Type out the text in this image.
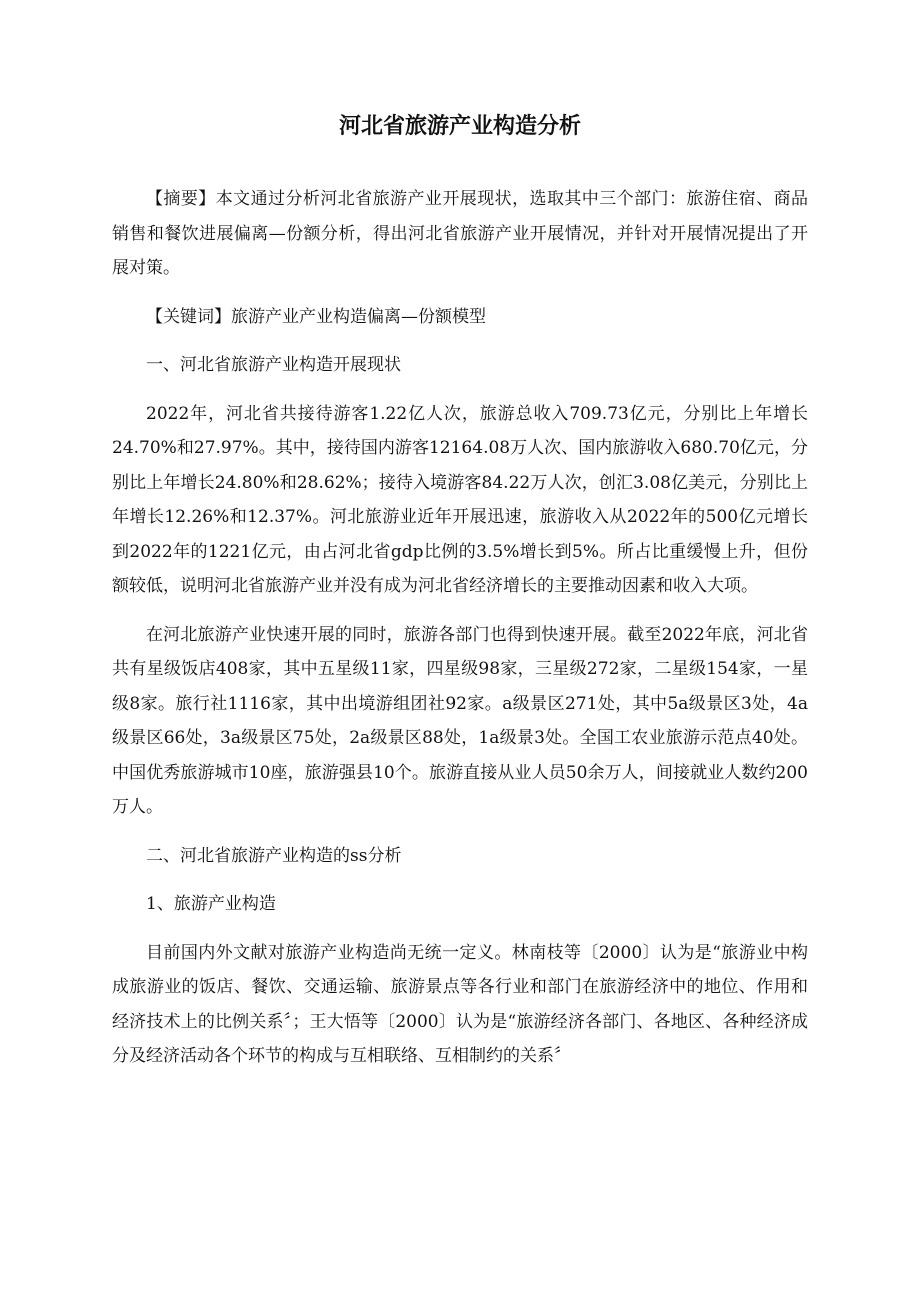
河北省旅游产业构造分析

【摘要】本文通过分析河北省旅游产业开展现状，选取其中三个部门：旅游住宿、商品销售和餐饮进展偏离—份额分析，得出河北省旅游产业开展情况，并针对开展情况提出了开展对策。

【关键词】旅游产业产业构造偏离—份额模型

一、河北省旅游产业构造开展现状

2022年，河北省共接待游客1.22亿人次，旅游总收入709.73亿元，分别比上年增长24.70%和27.97%。其中，接待国内游客12164.08万人次、国内旅游收入680.70亿元，分别比上年增长24.80%和28.62%；接待入境游客84.22万人次，创汇3.08亿美元，分别比上年增长12.26%和12.37%。河北旅游业近年开展迅速，旅游收入从2022年的500亿元增长到2022年的1221亿元，由占河北省gdp比例的3.5%增长到5%。所占比重缓慢上升，但份额较低，说明河北省旅游产业并没有成为河北省经济增长的主要推动因素和收入大项。

在河北旅游产业快速开展的同时，旅游各部门也得到快速开展。截至2022年底，河北省共有星级饭店408家，其中五星级11家，四星级98家，三星级272家，二星级154家，一星级8家。旅行社1116家，其中出境游组团社92家。a级景区271处，其中5a级景区3处，4a级景区66处，3a级景区75处，2a级景区88处，1a级景3处。全国工农业旅游示范点40处。中国优秀旅游城市10座，旅游强县10个。旅游直接从业人员50余万人，间接就业人数约200万人。

二、河北省旅游产业构造的ss分析

1、旅游产业构造

目前国内外文献对旅游产业构造尚无统一定义。林南枝等〔2000〕认为是“旅游业中构成旅游业的饭店、餐饮、交通运输、旅游景点等各行业和部门在旅游经济中的地位、作用和经济技术上的比例关系〞；王大悟等〔2000〕认为是“旅游经济各部门、各地区、各种经济成分及经济活动各个环节的构成与互相联络、互相制约的关系〞
